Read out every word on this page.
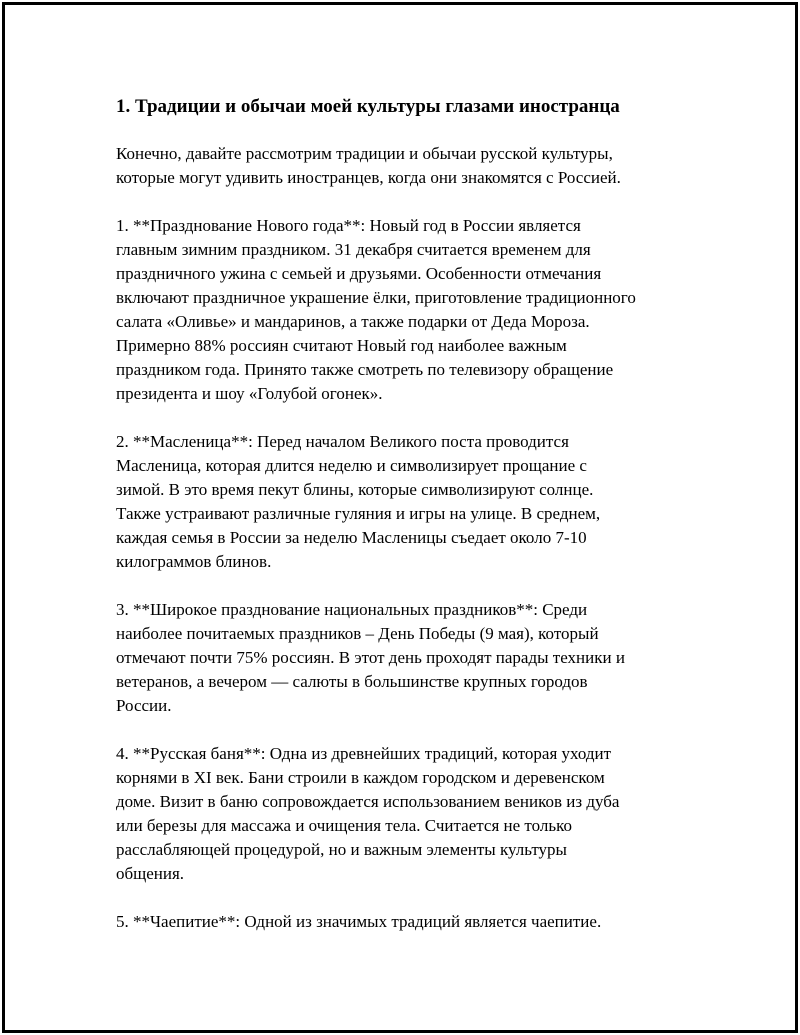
1. Традиции и обычаи моей культуры глазами иностранца

Конечно, давайте рассмотрим традиции и обычаи русской культуры,
которые могут удивить иностранцев, когда они знакомятся с Россией.

1. **Празднование Нового года**: Новый год в России является
главным зимним праздником. 31 декабря считается временем для
праздничного ужина с семьей и друзьями. Особенности отмечания
включают праздничное украшение ёлки, приготовление традиционного
салата «Оливье» и мандаринов, а также подарки от Деда Мороза.
Примерно 88% россиян считают Новый год наиболее важным
праздником года. Принято также смотреть по телевизору обращение
президента и шоу «Голубой огонек».

2. **Масленица**: Перед началом Великого поста проводится
Масленица, которая длится неделю и символизирует прощание с
зимой. В это время пекут блины, которые символизируют солнце.
Также устраивают различные гуляния и игры на улице. В среднем,
каждая семья в России за неделю Масленицы съедает около 7-10
килограммов блинов.

3. **Широкое празднование национальных праздников**: Среди
наиболее почитаемых праздников – День Победы (9 мая), который
отмечают почти 75% россиян. В этот день проходят парады техники и
ветеранов, а вечером — салюты в большинстве крупных городов
России.

4. **Русская баня**: Одна из древнейших традиций, которая уходит
корнями в XI век. Бани строили в каждом городском и деревенском
доме. Визит в баню сопровождается использованием веников из дуба
или березы для массажа и очищения тела. Считается не только
расслабляющей процедурой, но и важным элементы культуры
общения.

5. **Чаепитие**: Одной из значимых традиций является чаепитие.
